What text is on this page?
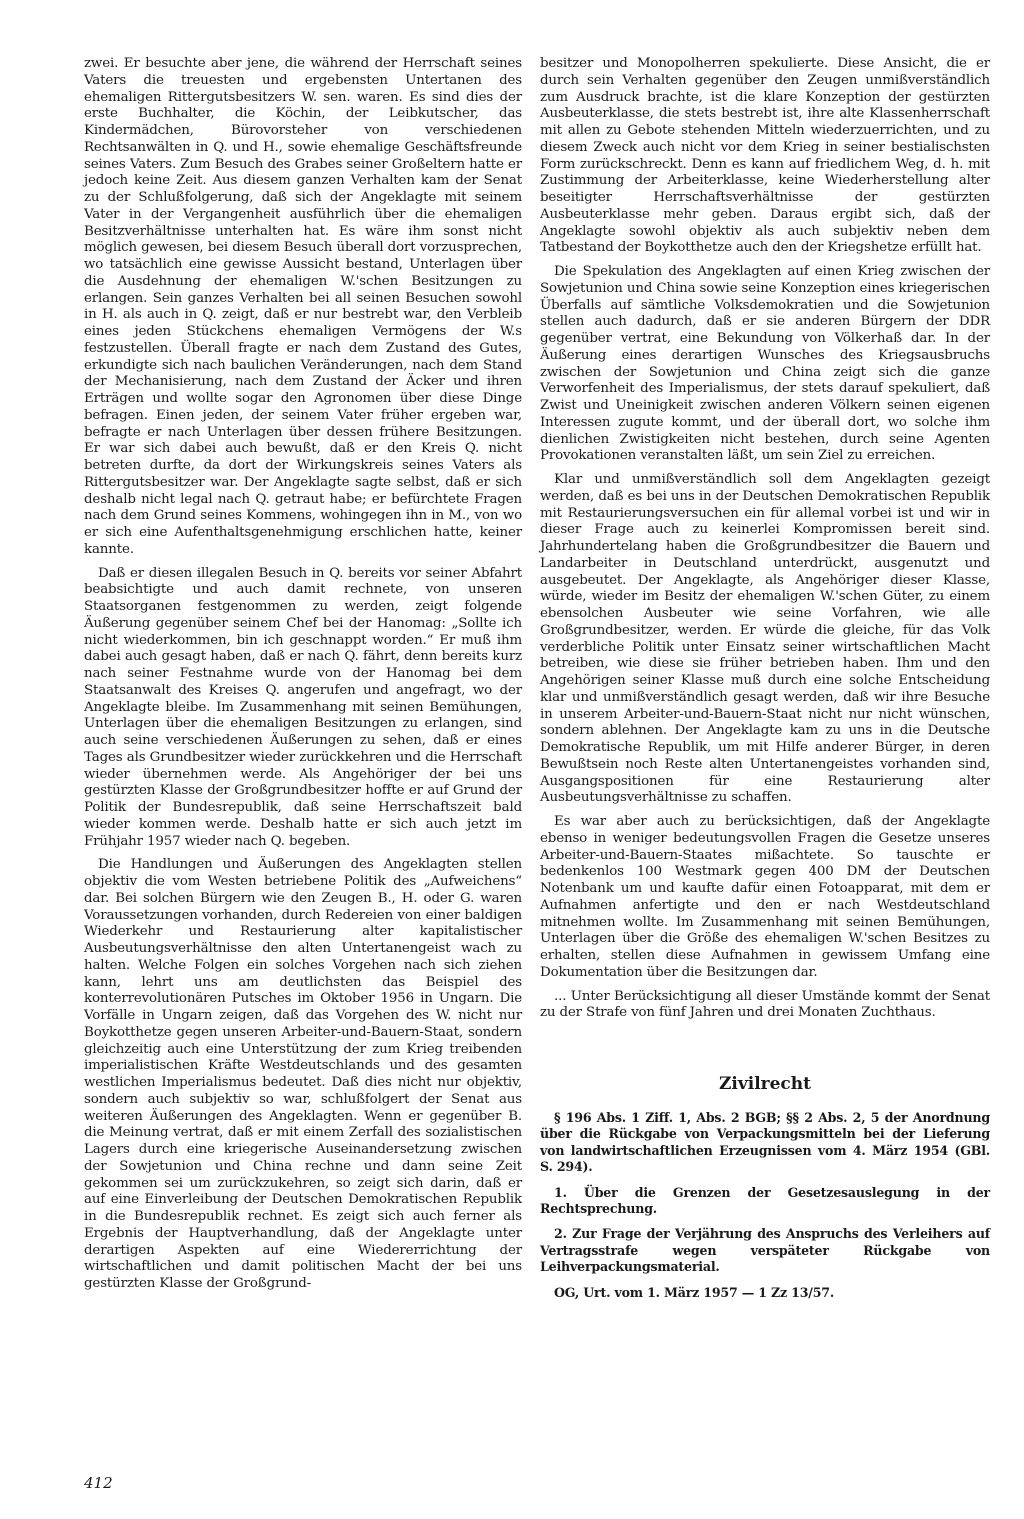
zwei. Er besuchte aber jene, die während der Herrschaft seines Vaters die treuesten und ergebensten Untertanen des ehemaligen Rittergutsbesitzers W. sen. waren. Es sind dies der erste Buchhalter, die Köchin, der Leibkutscher, das Kindermädchen, Bürovorsteher von verschiedenen Rechtsanwälten in Q. und H., sowie ehemalige Geschäftsfreunde seines Vaters. Zum Besuch des Grabes seiner Großeltern hatte er jedoch keine Zeit. Aus diesem ganzen Verhalten kam der Senat zu der Schlußfolgerung, daß sich der Angeklagte mit seinem Vater in der Vergangenheit ausführlich über die ehemaligen Besitzverhältnisse unterhalten hat. Es wäre ihm sonst nicht möglich gewesen, bei diesem Besuch überall dort vorzusprechen, wo tatsächlich eine gewisse Aussicht bestand, Unterlagen über die Ausdehnung der ehemaligen W.'schen Besitzungen zu erlangen. Sein ganzes Verhalten bei all seinen Besuchen sowohl in H. als auch in Q. zeigt, daß er nur bestrebt war, den Verbleib eines jeden Stückchens ehemaligen Vermögens der W.s festzustellen. Überall fragte er nach dem Zustand des Gutes, erkundigte sich nach baulichen Veränderungen, nach dem Stand der Mechanisierung, nach dem Zustand der Äcker und ihren Erträgen und wollte sogar den Agronomen über diese Dinge befragen. Einen jeden, der seinem Vater früher ergeben war, befragte er nach Unterlagen über dessen frühere Besitzungen. Er war sich dabei auch bewußt, daß er den Kreis Q. nicht betreten durfte, da dort der Wirkungskreis seines Vaters als Rittergutsbesitzer war. Der Angeklagte sagte selbst, daß er sich deshalb nicht legal nach Q. getraut habe; er befürchtete Fragen nach dem Grund seines Kommens, wohingegen ihn in M., von wo er sich eine Aufenthaltsgenehmigung erschlichen hatte, keiner kannte.

Daß er diesen illegalen Besuch in Q. bereits vor seiner Abfahrt beabsichtigte und auch damit rechnete, von unseren Staatsorganen festgenommen zu werden, zeigt folgende Äußerung gegenüber seinem Chef bei der Hanomag: „Sollte ich nicht wiederkommen, bin ich geschnappt worden.“ Er muß ihm dabei auch gesagt haben, daß er nach Q. fährt, denn bereits kurz nach seiner Festnahme wurde von der Hanomag bei dem Staatsanwalt des Kreises Q. angerufen und angefragt, wo der Angeklagte bleibe. Im Zusammenhang mit seinen Bemühungen, Unterlagen über die ehemaligen Besitzungen zu erlangen, sind auch seine verschiedenen Äußerungen zu sehen, daß er eines Tages als Grundbesitzer wieder zurückkehren und die Herrschaft wieder übernehmen werde. Als Angehöriger der bei uns gestürzten Klasse der Großgrundbesitzer hoffte er auf Grund der Politik der Bundesrepublik, daß seine Herrschaftszeit bald wieder kommen werde. Deshalb hatte er sich auch jetzt im Frühjahr 1957 wieder nach Q. begeben.

Die Handlungen und Äußerungen des Angeklagten stellen objektiv die vom Westen betriebene Politik des „Aufweichens“ dar. Bei solchen Bürgern wie den Zeugen B., H. oder G. waren Voraussetzungen vorhanden, durch Redereien von einer baldigen Wiederkehr und Restaurierung alter kapitalistischer Ausbeutungsverhältnisse den alten Untertanengeist wach zu halten. Welche Folgen ein solches Vorgehen nach sich ziehen kann, lehrt uns am deutlichsten das Beispiel des konterrevolutionären Putsches im Oktober 1956 in Ungarn. Die Vorfälle in Ungarn zeigen, daß das Vorgehen des W. nicht nur Boykotthetze gegen unseren Arbeiter-und-Bauern-Staat, sondern gleichzeitig auch eine Unterstützung der zum Krieg treibenden imperialistischen Kräfte Westdeutschlands und des gesamten westlichen Imperialismus bedeutet. Daß dies nicht nur objektiv, sondern auch subjektiv so war, schlußfolgert der Senat aus weiteren Äußerungen des Angeklagten. Wenn er gegenüber B. die Meinung vertrat, daß er mit einem Zerfall des sozialistischen Lagers durch eine kriegerische Auseinandersetzung zwischen der Sowjetunion und China rechne und dann seine Zeit gekommen sei um zurückzukehren, so zeigt sich darin, daß er auf eine Einverleibung der Deutschen Demokratischen Republik in die Bundesrepublik rechnet. Es zeigt sich auch ferner als Ergebnis der Hauptverhandlung, daß der Angeklagte unter derartigen Aspekten auf eine Wiedererrichtung der wirtschaftlichen und damit politischen Macht der bei uns gestürzten Klasse der Großgrund-

besitzer und Monopolherren spekulierte. Diese Ansicht, die er durch sein Verhalten gegenüber den Zeugen unmißverständlich zum Ausdruck brachte, ist die klare Konzeption der gestürzten Ausbeuterklasse, die stets bestrebt ist, ihre alte Klassenherrschaft mit allen zu Gebote stehenden Mitteln wiederzuerrichten, und zu diesem Zweck auch nicht vor dem Krieg in seiner bestialischsten Form zurückschreckt. Denn es kann auf friedlichem Weg, d. h. mit Zustimmung der Arbeiterklasse, keine Wiederherstellung alter beseitigter Herrschaftsverhältnisse der gestürzten Ausbeuterklasse mehr geben. Daraus ergibt sich, daß der Angeklagte sowohl objektiv als auch subjektiv neben dem Tatbestand der Boykotthetze auch den der Kriegshetze erfüllt hat.

Die Spekulation des Angeklagten auf einen Krieg zwischen der Sowjetunion und China sowie seine Konzeption eines kriegerischen Überfalls auf sämtliche Volksdemokratien und die Sowjetunion stellen auch dadurch, daß er sie anderen Bürgern der DDR gegenüber vertrat, eine Bekundung von Völkerhaß dar. In der Äußerung eines derartigen Wunsches des Kriegsausbruchs zwischen der Sowjetunion und China zeigt sich die ganze Verworfenheit des Imperialismus, der stets darauf spekuliert, daß Zwist und Uneinigkeit zwischen anderen Völkern seinen eigenen Interessen zugute kommt, und der überall dort, wo solche ihm dienlichen Zwistigkeiten nicht bestehen, durch seine Agenten Provokationen veranstalten läßt, um sein Ziel zu erreichen.

Klar und unmißverständlich soll dem Angeklagten gezeigt werden, daß es bei uns in der Deutschen Demokratischen Republik mit Restaurierungsversuchen ein für allemal vorbei ist und wir in dieser Frage auch zu keinerlei Kompromissen bereit sind. Jahrhundertelang haben die Großgrundbesitzer die Bauern und Landarbeiter in Deutschland unterdrückt, ausgenutzt und ausgebeutet. Der Angeklagte, als Angehöriger dieser Klasse, würde, wieder im Besitz der ehemaligen W.'schen Güter, zu einem ebensolchen Ausbeuter wie seine Vorfahren, wie alle Großgrundbesitzer, werden. Er würde die gleiche, für das Volk verderbliche Politik unter Einsatz seiner wirtschaftlichen Macht betreiben, wie diese sie früher betrieben haben. Ihm und den Angehörigen seiner Klasse muß durch eine solche Entscheidung klar und unmißverständlich gesagt werden, daß wir ihre Besuche in unserem Arbeiter-und-Bauern-Staat nicht nur nicht wünschen, sondern ablehnen. Der Angeklagte kam zu uns in die Deutsche Demokratische Republik, um mit Hilfe anderer Bürger, in deren Bewußtsein noch Reste alten Untertanengeistes vorhanden sind, Ausgangspositionen für eine Restaurierung alter Ausbeutungsverhältnisse zu schaffen.

Es war aber auch zu berücksichtigen, daß der Angeklagte ebenso in weniger bedeutungsvollen Fragen die Gesetze unseres Arbeiter-und-Bauern-Staates mißachtete. So tauschte er bedenkenlos 100 Westmark gegen 400 DM der Deutschen Notenbank um und kaufte dafür einen Fotoapparat, mit dem er Aufnahmen anfertigte und den er nach Westdeutschland mitnehmen wollte. Im Zusammenhang mit seinen Bemühungen, Unterlagen über die Größe des ehemaligen W.'schen Besitzes zu erhalten, stellen diese Aufnahmen in gewissem Umfang eine Dokumentation über die Besitzungen dar.

... Unter Berücksichtigung all dieser Umstände kommt der Senat zu der Strafe von fünf Jahren und drei Monaten Zuchthaus.

Zivilrecht

§ 196 Abs. 1 Ziff. 1, Abs. 2 BGB; §§ 2 Abs. 2, 5 der Anordnung über die Rückgabe von Verpackungsmitteln bei der Lieferung von landwirtschaftlichen Erzeugnissen vom 4. März 1954 (GBl. S. 294).

1. Über die Grenzen der Gesetzesauslegung in der Rechtsprechung.

2. Zur Frage der Verjährung des Anspruchs des Verleihers auf Vertragsstrafe wegen verspäteter Rückgabe von Leihverpackungsmaterial.

OG, Urt. vom 1. März 1957 — 1 Zz 13/57.

412
